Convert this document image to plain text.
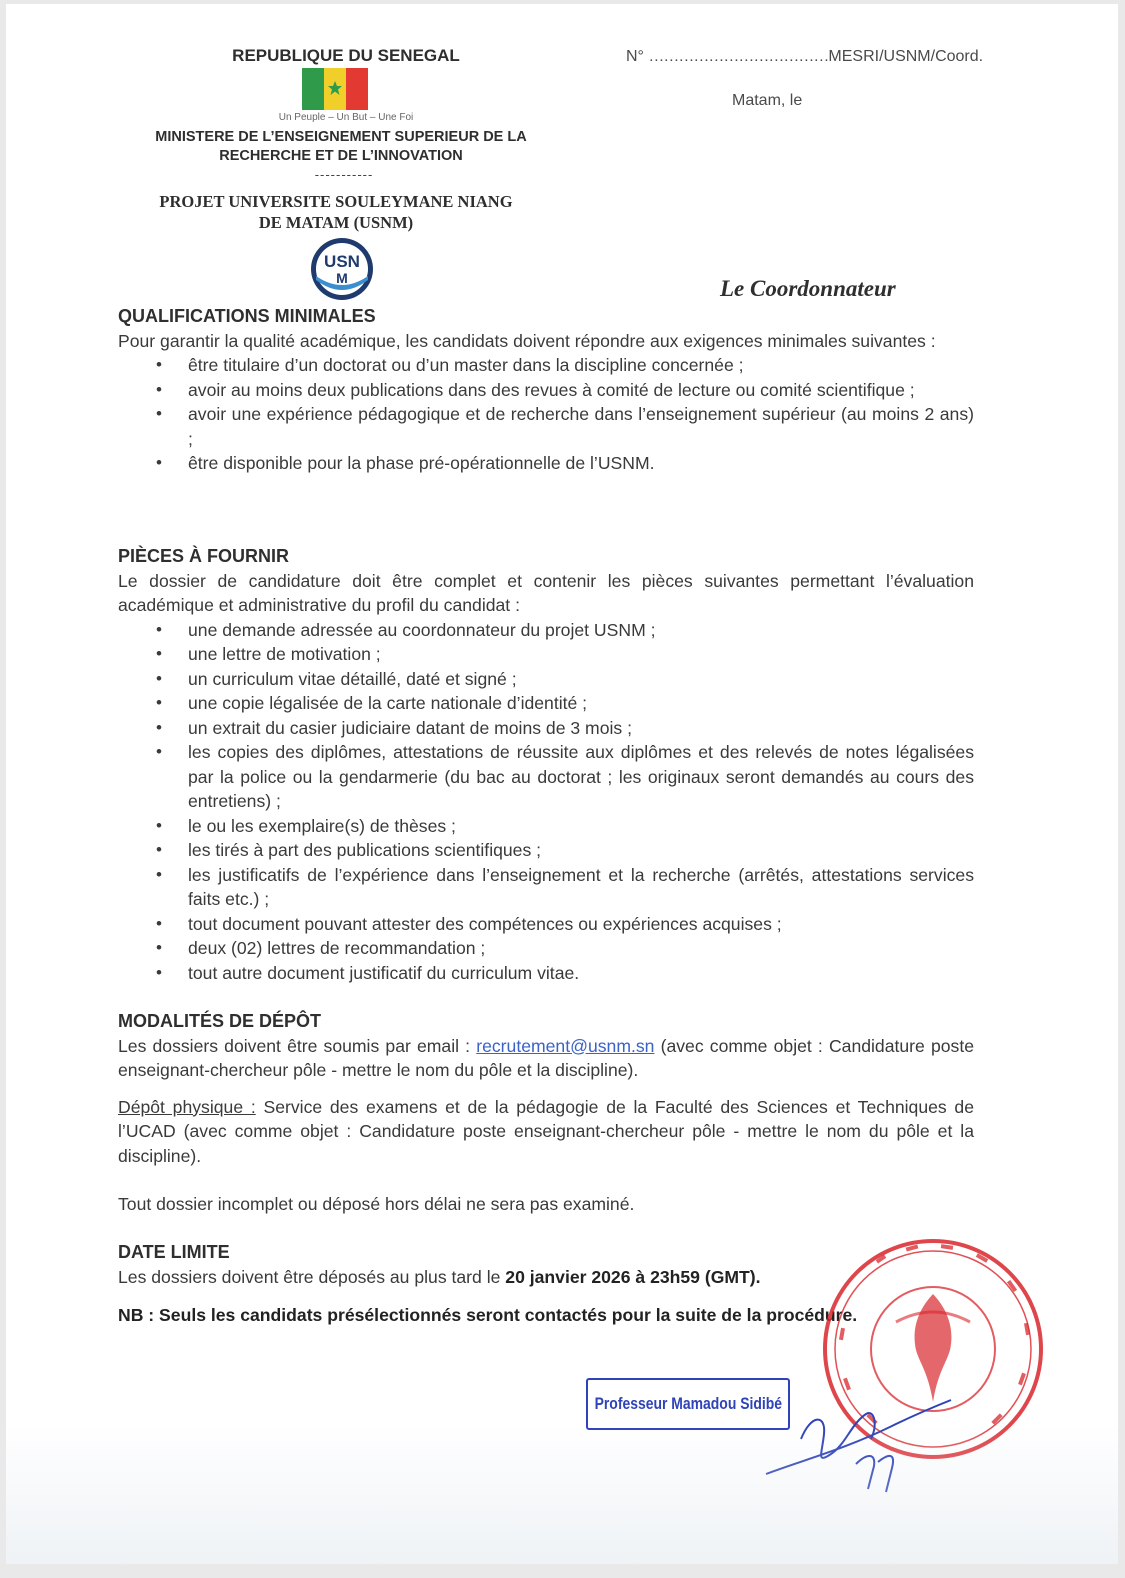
REPUBLIQUE DU SENEGAL
Un Peuple – Un But – Une Foi
MINISTERE DE L’ENSEIGNEMENT SUPERIEUR DE LA RECHERCHE ET DE L’INNOVATION
-----------
PROJET UNIVERSITE SOULEYMANE NIANG
DE MATAM (USNM)
USN
M
N° ………………………………MESRI/USNM/Coord.
Matam, le
Le Coordonnateur
QUALIFICATIONS MINIMALES
Pour garantir la qualité académique, les candidats doivent répondre aux exigences minimales suivantes :
• être titulaire d’un doctorat ou d’un master dans la discipline concernée ;
• avoir au moins deux publications dans des revues à comité de lecture ou comité scientifique ;
• avoir une expérience pédagogique et de recherche dans l’enseignement supérieur (au moins 2 ans) ;
• être disponible pour la phase pré-opérationnelle de l’USNM.
PIÈCES À FOURNIR
Le dossier de candidature doit être complet et contenir les pièces suivantes permettant l’évaluation académique et administrative du profil du candidat :
• une demande adressée au coordonnateur du projet USNM ;
• une lettre de motivation ;
• un curriculum vitae détaillé, daté et signé ;
• une copie légalisée de la carte nationale d’identité ;
• un extrait du casier judiciaire datant de moins de 3 mois ;
• les copies des diplômes, attestations de réussite aux diplômes et des relevés de notes légalisées par la police ou la gendarmerie (du bac au doctorat ; les originaux seront demandés au cours des entretiens) ;
• le ou les exemplaire(s) de thèses ;
• les tirés à part des publications scientifiques ;
• les justificatifs de l’expérience dans l’enseignement et la recherche (arrêtés, attestations services faits etc.) ;
• tout document pouvant attester des compétences ou expériences acquises ;
• deux (02) lettres de recommandation ;
• tout autre document justificatif du curriculum vitae.
MODALITÉS DE DÉPÔT
Les dossiers doivent être soumis par email : recrutement@usnm.sn (avec comme objet : Candidature poste enseignant-chercheur pôle - mettre le nom du pôle et la discipline).
Dépôt physique : Service des examens et de la pédagogie de la Faculté des Sciences et Techniques de l’UCAD (avec comme objet : Candidature poste enseignant-chercheur pôle - mettre le nom du pôle et la discipline).
Tout dossier incomplet ou déposé hors délai ne sera pas examiné.
DATE LIMITE
Les dossiers doivent être déposés au plus tard le 20 janvier 2026 à 23h59 (GMT).
NB : Seuls les candidats présélectionnés seront contactés pour la suite de la procédure.
Professeur Mamadou Sidibé
